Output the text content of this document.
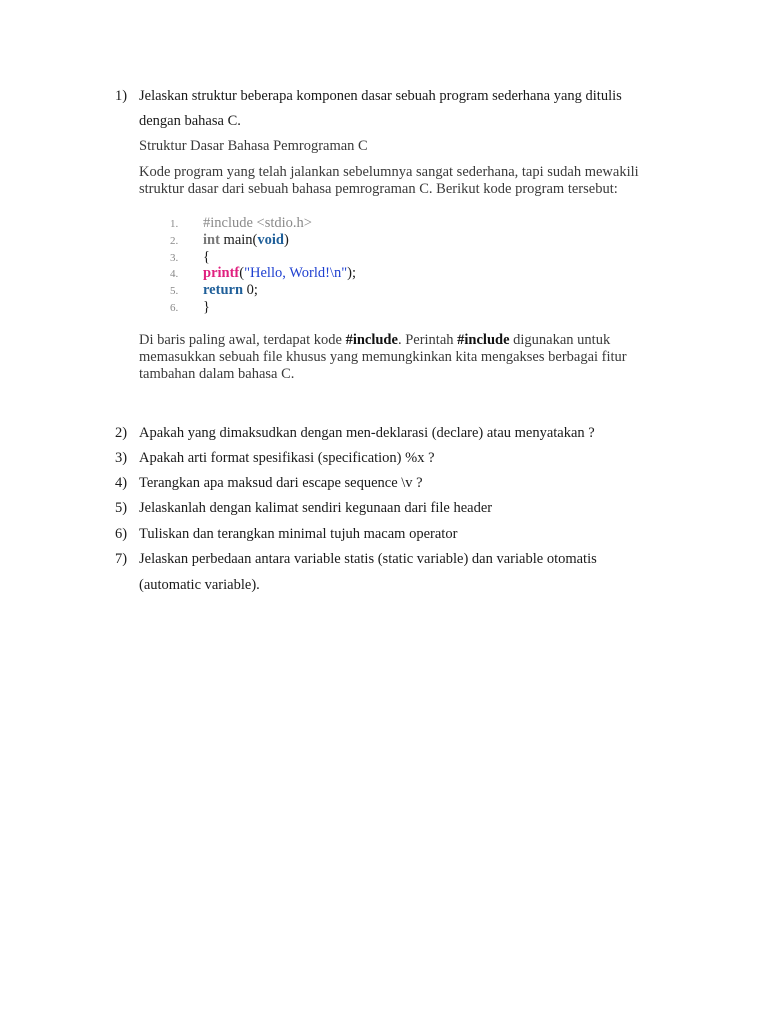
1) Jelaskan struktur beberapa komponen dasar sebuah program sederhana yang ditulis
dengan bahasa C.
Struktur Dasar Bahasa Pemrograman C
Kode program yang telah jalankan sebelumnya sangat sederhana, tapi sudah mewakili
struktur dasar dari sebuah bahasa pemrograman C. Berikut kode program tersebut:
1.	#include <stdio.h>
2.	int main(void)
3.	{
4.	printf("Hello, World!\n");
5.	return 0;
6.	}
Di baris paling awal, terdapat kode #include. Perintah #include digunakan untuk
memasukkan sebuah file khusus yang memungkinkan kita mengakses berbagai fitur
tambahan dalam bahasa C.
2) Apakah yang dimaksudkan dengan men-deklarasi (declare) atau menyatakan ?
3) Apakah arti format spesifikasi (specification) %x ?
4) Terangkan apa maksud dari escape sequence \v ?
5) Jelaskanlah dengan kalimat sendiri kegunaan dari file header
6) Tuliskan dan terangkan minimal tujuh macam operator
7) Jelaskan perbedaan antara variable statis (static variable) dan variable otomatis
(automatic variable).
